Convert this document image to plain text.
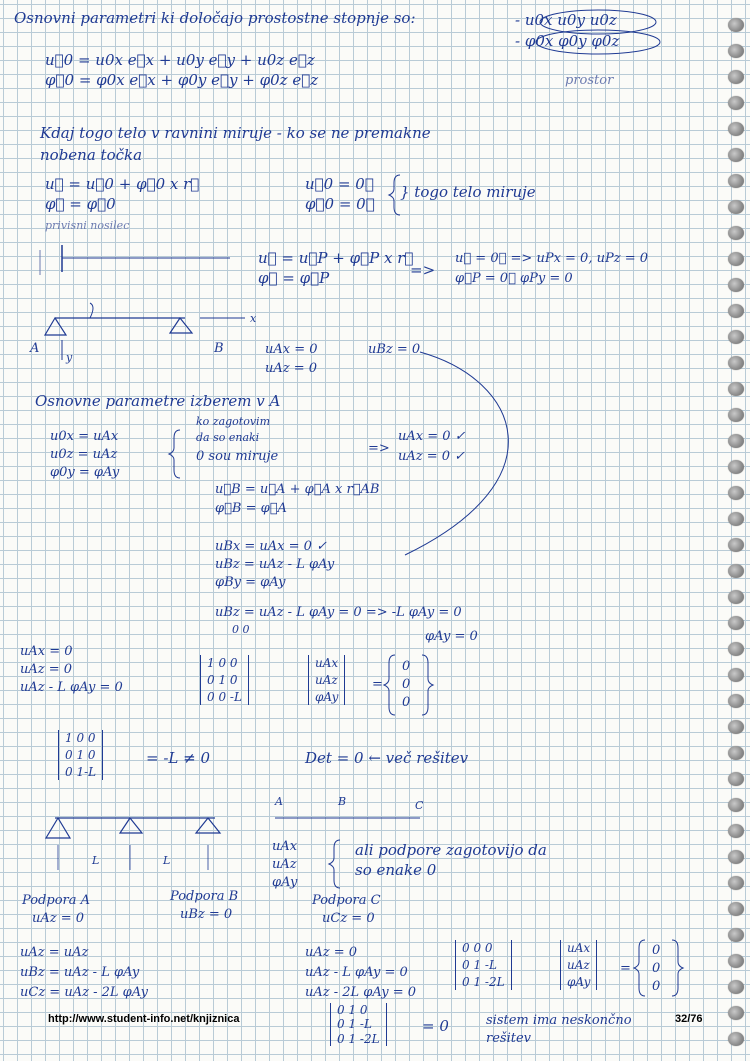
Osnovni parametri ki določajo prostostne stopnje so:	- u0x u0y u0z
- φ0x φ0y φ0z
u⃗0 = u0x e⃗x + u0y e⃗y + u0z e⃗z
φ⃗0 = φ0x e⃗x + φ0y e⃗y + φ0z e⃗z	prostor
Kdaj togo telo v ravnini miruje - ko se ne premakne
nobena točka
u⃗ = u⃗0 + φ⃗0 x r⃗
φ⃗ = φ⃗0
u⃗0 = 0⃗
φ⃗0 = 0⃗
} togo telo miruje
privisni nosilec
u⃗ = u⃗P + φ⃗P x r⃗
φ⃗ = φ⃗P	=>
u⃗ = 0⃗ => uPx = 0, uPz = 0
φ⃗P = 0⃗ φPy = 0
A	B	uAx = 0	uBz = 0
uAz = 0
x
y
Osnovne parametre izberem v A
u0x = uAx
u0z = uAz
φ0y = φAy
ko zagotovim
da so enaki
0 sou miruje
=>
uAx = 0 ✓
uAz = 0 ✓
u⃗B = u⃗A + φ⃗A x r⃗AB
φ⃗B = φ⃗A
uBx = uAx = 0 ✓
uBz = uAz - L φAy
φBy = φAy
uBz = uAz - L φAy = 0 => -L φAy = 0
0 0	φAy = 0
uAx = 0
uAz = 0
uAz - L φAy = 0
1 0 0
0 1 0
0 0 -L
uAx
uAz
φAy
=
0
0
0
1 0 0
0 1 0
0 1-L
= -L ≠ 0	Det = 0 ← več rešitev
A	B	C
L	L
uAx
uAz
φAy
ali podpore zagotovijo da
so enake 0
Podpora A
uAz = 0
Podpora B
uBz = 0
Podpora C
uCz = 0
uAz = uAz
uBz = uAz - L φAy
uCz = uAz - 2L φAy
uAz = 0
uAz - L φAy = 0
uAz - 2L φAy = 0
0 0 0
0 1 -L
0 1 -2L
uAx
uAz
φAy
=
0
0
0
0 1 0
0 1 -L
0 1 -2L
= 0	sistem ima neskončno
rešitev
http://www.student-info.net/knjiznica	32/76
